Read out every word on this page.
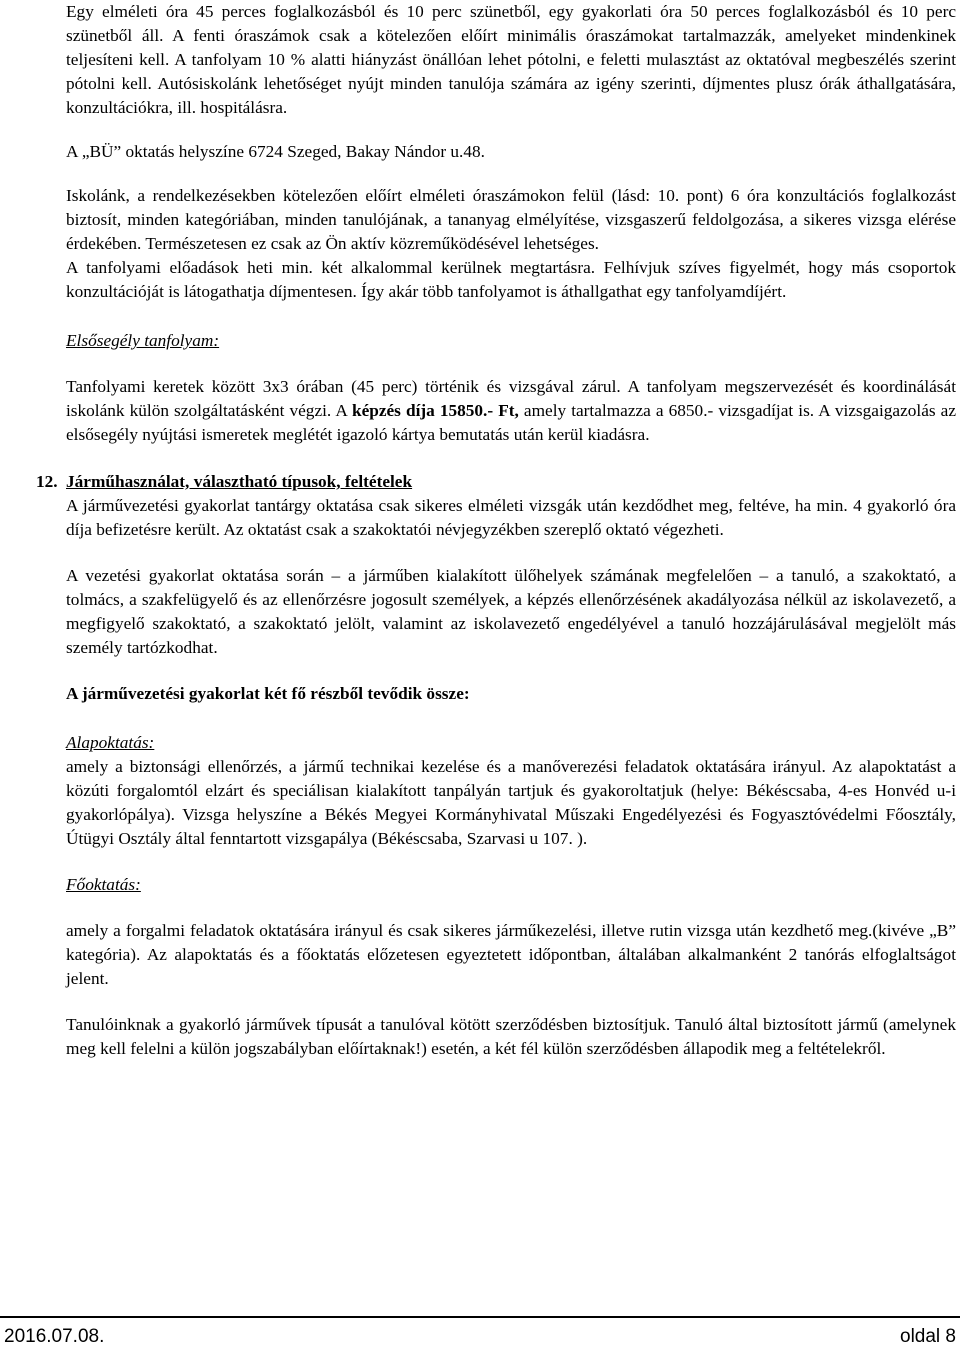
Egy elméleti óra 45 perces foglalkozásból és 10 perc szünetből, egy gyakorlati óra 50 perces foglalkozásból és 10 perc szünetből áll. A fenti óraszámok csak a kötelezően előírt minimális óraszámokat tartalmazzák, amelyeket mindenkinek teljesíteni kell. A tanfolyam 10 % alatti hiányzást önállóan lehet pótolni, e feletti mulasztást az oktatóval megbeszélés szerint pótolni kell. Autósiskolánk lehetőséget nyújt minden tanulója számára az igény szerinti, díjmentes plusz órák áthallgatására, konzultációkra, ill. hospitálásra.

A „BÜ” oktatás helyszíne 6724 Szeged, Bakay Nándor u.48.

Iskolánk, a rendelkezésekben kötelezően előírt elméleti óraszámokon felül (lásd: 10. pont) 6 óra konzultációs foglalkozást biztosít, minden kategóriában, minden tanulójának, a tananyag elmélyítése, vizsgaszerű feldolgozása, a sikeres vizsga elérése érdekében. Természetesen ez csak az Ön aktív közreműködésével lehetséges.

A tanfolyami előadások heti min. két alkalommal kerülnek megtartásra. Felhívjuk szíves figyelmét, hogy más csoportok konzultációját is látogathatja díjmentesen. Így akár több tanfolyamot is áthallgathat egy tanfolyamdíjért.

Elsősegély tanfolyam:

Tanfolyami keretek között 3x3 órában (45 perc) történik és vizsgával zárul. A tanfolyam megszervezését és koordinálását iskolánk külön szolgáltatásként végzi. A képzés díja 15850.- Ft, amely tartalmazza a 6850.- vizsgadíjat is. A vizsgaigazolás az elsősegély nyújtási ismeretek meglétét igazoló kártya bemutatás után kerül kiadásra.

12. Járműhasználat, választható típusok, feltételek

A járművezetési gyakorlat tantárgy oktatása csak sikeres elméleti vizsgák után kezdődhet meg, feltéve, ha min. 4 gyakorló óra díja befizetésre került. Az oktatást csak a szakoktatói névjegyzékben szereplő oktató végezheti.

A vezetési gyakorlat oktatása során – a járműben kialakított ülőhelyek számának megfelelően – a tanuló, a szakoktató, a tolmács, a szakfelügyelő és az ellenőrzésre jogosult személyek, a képzés ellenőrzésének akadályozása nélkül az iskolavezető, a megfigyelő szakoktató, a szakoktató jelölt, valamint az iskolavezető engedélyével a tanuló hozzájárulásával megjelölt más személy tartózkodhat.

A járművezetési gyakorlat két fő részből tevődik össze:

Alapoktatás:

amely a biztonsági ellenőrzés, a jármű technikai kezelése és a manőverezési feladatok oktatására irányul. Az alapoktatást a közúti forgalomtól elzárt és speciálisan kialakított tanpályán tartjuk és gyakoroltatjuk (helye: Békéscsaba, 4-es Honvéd u-i gyakorlópálya). Vizsga helyszíne a Békés Megyei Kormányhivatal Műszaki Engedélyezési és Fogyasztóvédelmi Főosztály, Útügyi Osztály által fenntartott vizsgapálya (Békéscsaba, Szarvasi u 107. ).

Főoktatás:

amely a forgalmi feladatok oktatására irányul és csak sikeres járműkezelési, illetve rutin vizsga után kezdhető meg.(kivéve „B” kategória). Az alapoktatás és a főoktatás előzetesen egyeztetett időpontban, általában alkalmanként 2 tanórás elfoglaltságot jelent.

Tanulóinknak a gyakorló járművek típusát a tanulóval kötött szerződésben biztosítjuk. Tanuló által biztosított jármű (amelynek meg kell felelni a külön jogszabályban előírtaknak!) esetén, a két fél külön szerződésben állapodik meg a feltételekről.

2016.07.08.	oldal 8
